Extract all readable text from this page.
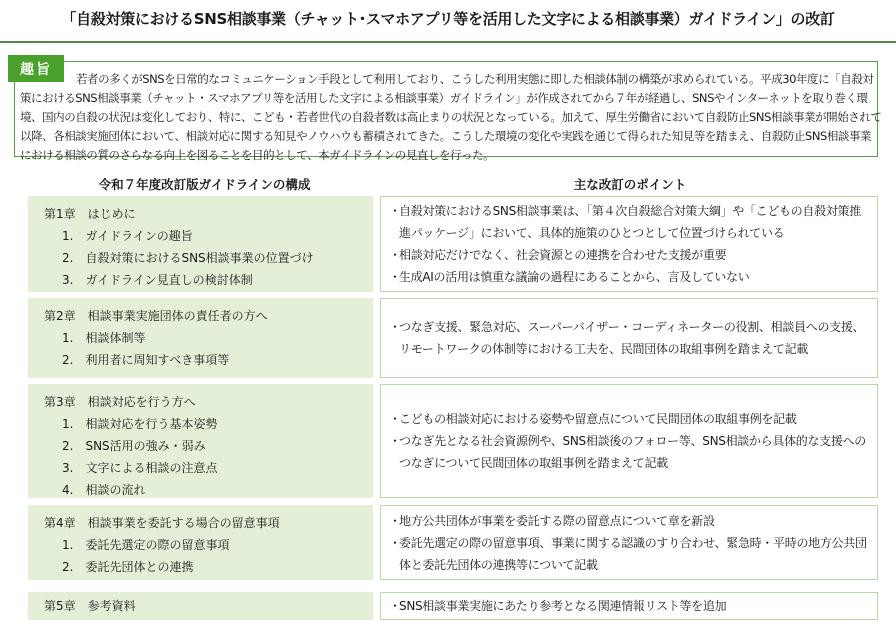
「自殺対策におけるSNS相談事業（チャット･スマホアプリ等を活用した文字による相談事業）ガイドライン」の改訂
趣旨
若者の多くがSNSを日常的なコミュニケーション手段として利用しており、こうした利用実態に即した相談体制の構築が求められている。平成30年度に「自殺対策におけるSNS相談事業（チャット・スマホアプリ等を活用した文字による相談事業）ガイドライン」が作成されてから７年が経過し、SNSやインターネットを取り巻く環境、国内の自殺の状況は変化しており、特に、こども・若者世代の自殺者数は高止まりの状況となっている。加えて、厚生労働省において自殺防止SNS相談事業が開始されて以降、各相談実施団体において、相談対応に関する知見やノウハウも蓄積されてきた。こうした環境の変化や実践を通じて得られた知見等を踏まえ、自殺防止SNS相談事業における相談の質のさらなる向上を図ることを目的として、本ガイドラインの見直しを行った。
令和７年度改訂版ガイドラインの構成	主な改訂のポイント
第1章　はじめに
1.　ガイドラインの趣旨
2.　自殺対策におけるSNS相談事業の位置づけ
3.　ガイドライン見直しの検討体制
・
自殺対策におけるSNS相談事業は、「第４次自殺総合対策大綱」や「こどもの自殺対策推進パッケージ」において、具体的施策のひとつとして位置づけられている
・
相談対応だけでなく、社会資源との連携を合わせた支援が重要
・
生成AIの活用は慎重な議論の過程にあることから、言及していない
第2章　相談事業実施団体の責任者の方へ
1.　相談体制等
2.　利用者に周知すべき事項等
・
つなぎ支援、緊急対応、スーパーバイザー・コーディネーターの役割、相談員への支援、リモートワークの体制等における工夫を、民間団体の取組事例を踏まえて記載
第3章　相談対応を行う方へ
1.　相談対応を行う基本姿勢
2.　SNS活用の強み・弱み
3.　文字による相談の注意点
4.　相談の流れ
・
こどもの相談対応における姿勢や留意点について民間団体の取組事例を記載
・
つなぎ先となる社会資源例や、SNS相談後のフォロー等、SNS相談から具体的な支援へのつなぎについて民間団体の取組事例を踏まえて記載
第4章　相談事業を委託する場合の留意事項
1.　委託先選定の際の留意事項
2.　委託先団体との連携
・
地方公共団体が事業を委託する際の留意点について章を新設
・
委託先選定の際の留意事項、事業に関する認識のすり合わせ、緊急時・平時の地方公共団体と委託先団体の連携等について記載
第5章　参考資料	・
SNS相談事業実施にあたり参考となる関連情報リスト等を追加
